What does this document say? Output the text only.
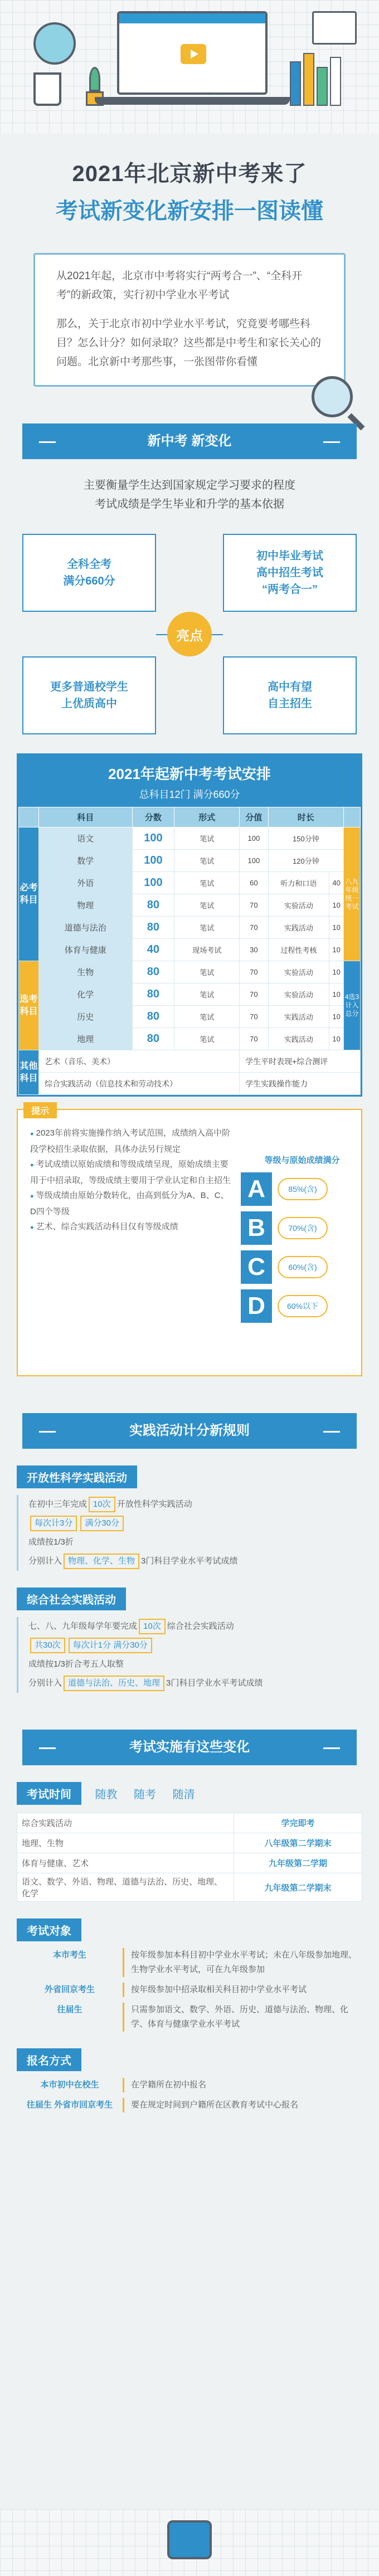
2021年北京新中考来了
考试新变化新安排一图读懂

从2021年起，北京市中考将实行“两考合一”、“全科开考”的新政策，实行初中学业水平考试

那么，关于北京市初中学业水平考试，究竟要考哪些科目？怎么计分？如何录取？这些都是中考生和家长关心的问题。北京新中考那些事，一张图带你看懂

新中考 新变化
主要衡量学生达到国家规定学习要求的程度
考试成绩是学生毕业和升学的基本依据
全科全考
满分660分
初中毕业考试
高中招生考试
“两考合一”
更多普通校学生
上优质高中
高中有望
自主招生
亮点
2021年起新中考考试安排
总科目12门 满分660分
	科目	分数	形式	分值	时长		
必考科目	语文	100	笔试	100	150分钟		八九年级统一考试
	数学	100	笔试	100	120分钟		
	外语	100	笔试	60	听力和口语	40	
	物理	80	笔试	70	实验活动	10	
	道德与法治	80	笔试	70	实践活动	10	
	体育与健康	40	现场考试	30	过程性考核	10	
选考科目	生物	80	笔试	70	实验活动	10	4选3计入总分
	化学	80	笔试	70	实验活动	10	
	历史	80	笔试	70	实践活动	10	
	地理	80	笔试	70	实践活动	10	
其他科目	艺术（音乐、美术）			学生平时表现+综合测评			
	综合实践活动（信息技术和劳动技术）			学生实践操作能力			
提示

● 2023年前将实施操作纳入考试范围，成绩纳入高中阶段学校招生录取依据，具体办法另行规定

● 考试成绩以原始成绩和等级成绩呈现，原始成绩主要用于中招录取，等级成绩主要用于学业认定和自主招生

● 等级成绩由原始分数转化，由高到低分为A、B、C、D四个等级

● 艺术、综合实践活动科目仅有等级成绩

等级与原始成绩满分
A	85%(含)
B	70%(含)
C	60%(含)
D	60%以下
实践活动计分新规则
开放性科学实践活动

在初中三年完成 10次 开放性科学实践活动

每次计3分 满分30分

成绩按1/3折

分别计入 物理、化学、生物 3门科目学业水平考试成绩

综合社会实践活动

七、八、九年级每学年要完成 10次 综合社会实践活动

共30次 每次计1分 满分30分

成绩按1/3折合考五人取整

分别计入 道德与法治、历史、地理 3门科目学业水平考试成绩

考试实施有这些变化
考试时间 随教 随考 随清
综合实践活动	学完即考
地理、生物	八年级第二学期末
体育与健康、艺术	九年级第二学期
语文、数学、外语、物理、道德与法治、历史、地理、化学	九年级第二学期末
考试对象
本市考生	按年级参加本科目初中学业水平考试；未在八年级参加地理、生物学业水平考试，可在九年级参加
外省回京考生	按年级参加中招录取相关科目初中学业水平考试
往届生	只需参加语文、数学、外语、历史、道德与法治、物理、化学、体育与健康学业水平考试
报名方式
本市初中在校生	在学籍所在初中报名
往届生 外省市回京考生	要在规定时间到户籍所在区教育考试中心报名
